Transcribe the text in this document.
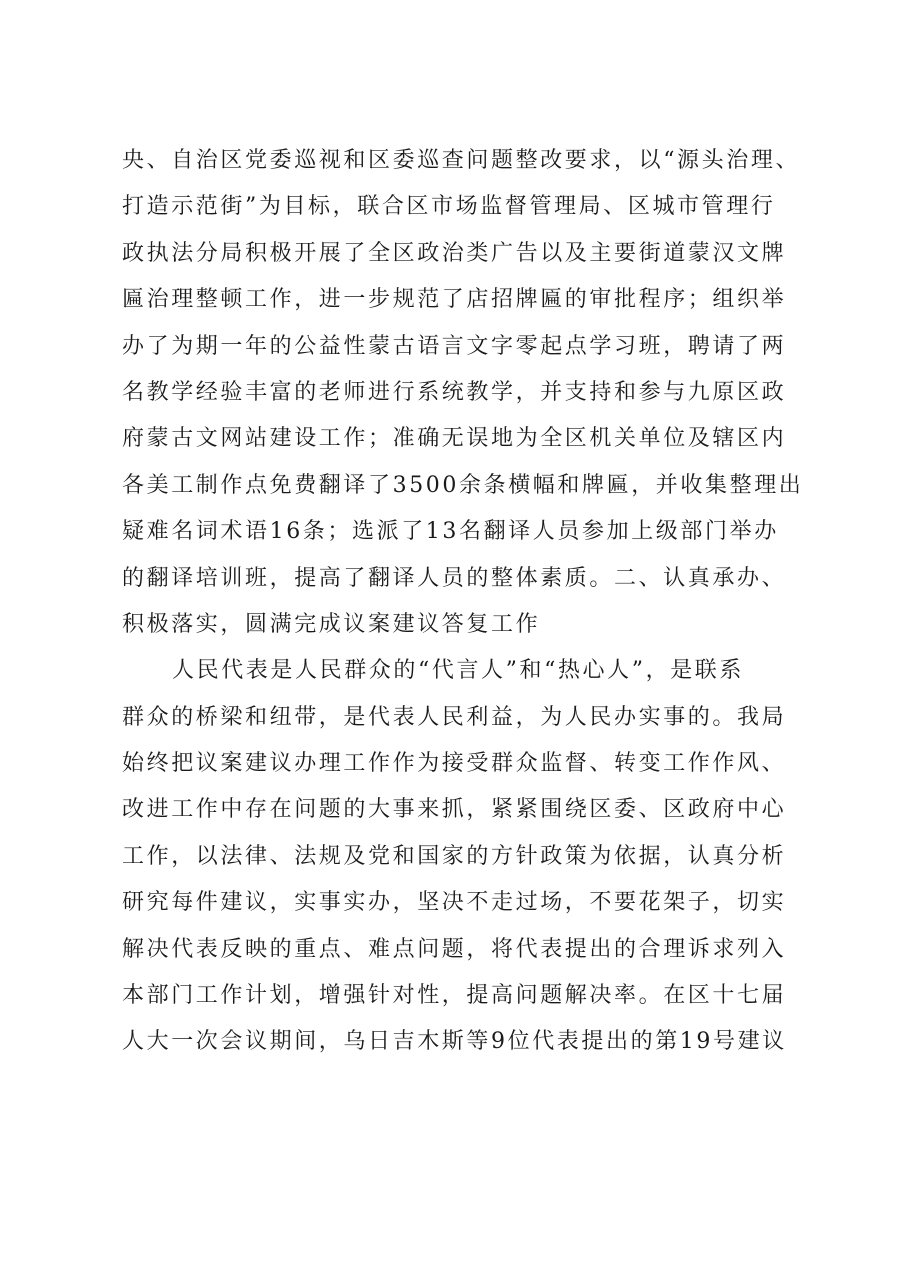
央、自治区党委巡视和区委巡查问题整改要求，以“源头治理、
打造示范街”为目标，联合区市场监督管理局、区城市管理行
政执法分局积极开展了全区政治类广告以及主要街道蒙汉文牌
匾治理整顿工作，进一步规范了店招牌匾的审批程序；组织举
办了为期一年的公益性蒙古语言文字零起点学习班，聘请了两
名教学经验丰富的老师进行系统教学，并支持和参与九原区政
府蒙古文网站建设工作；准确无误地为全区机关单位及辖区内
各美工制作点免费翻译了3500余条横幅和牌匾，并收集整理出
疑难名词术语16条；选派了13名翻译人员参加上级部门举办
的翻译培训班，提高了翻译人员的整体素质。二、认真承办、
积极落实，圆满完成议案建议答复工作
人民代表是人民群众的“代言人”和“热心人”，是联系
群众的桥梁和纽带，是代表人民利益，为人民办实事的。我局
始终把议案建议办理工作作为接受群众监督、转变工作作风、
改进工作中存在问题的大事来抓，紧紧围绕区委、区政府中心
工作，以法律、法规及党和国家的方针政策为依据，认真分析
研究每件建议，实事实办，坚决不走过场，不要花架子，切实
解决代表反映的重点、难点问题，将代表提出的合理诉求列入
本部门工作计划，增强针对性，提高问题解决率。在区十七届
人大一次会议期间，乌日吉木斯等9位代表提出的第19号建议
